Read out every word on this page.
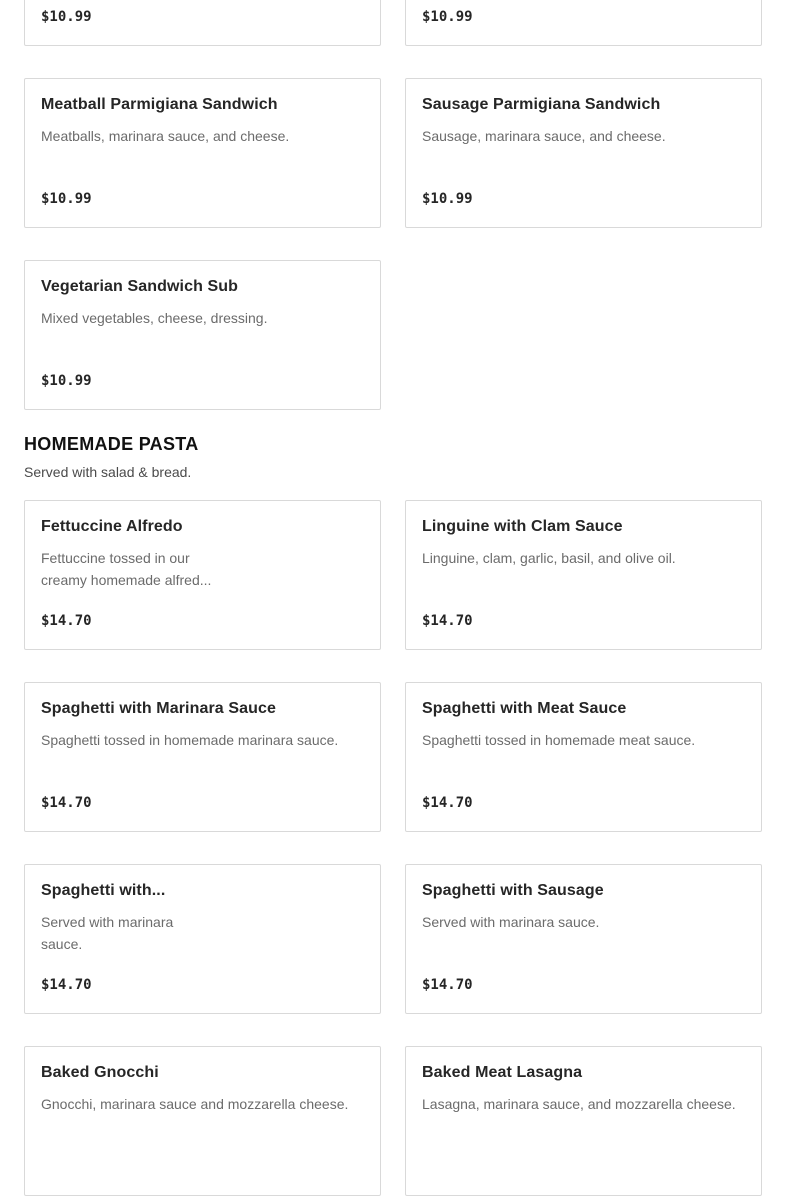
$10.99	$10.99
Meatball Parmigiana Sandwich
Meatballs, marinara sauce, and cheese.
$10.99
Sausage Parmigiana Sandwich
Sausage, marinara sauce, and cheese.
$10.99
Vegetarian Sandwich Sub
Mixed vegetables, cheese, dressing.
$10.99
HOMEMADE PASTA
Served with salad & bread.
Fettuccine Alfredo
Fettuccine tossed in our creamy homemade alfred...
$14.70
Linguine with Clam Sauce
Linguine, clam, garlic, basil, and olive oil.
$14.70
Spaghetti with Marinara Sauce
Spaghetti tossed in homemade marinara sauce.
$14.70
Spaghetti with Meat Sauce
Spaghetti tossed in homemade meat sauce.
$14.70
Spaghetti with...
Served with marinara sauce.
$14.70
Spaghetti with Sausage
Served with marinara sauce.
$14.70
Baked Gnocchi
Gnocchi, marinara sauce and mozzarella cheese.
Baked Meat Lasagna
Lasagna, marinara sauce, and mozzarella cheese.
